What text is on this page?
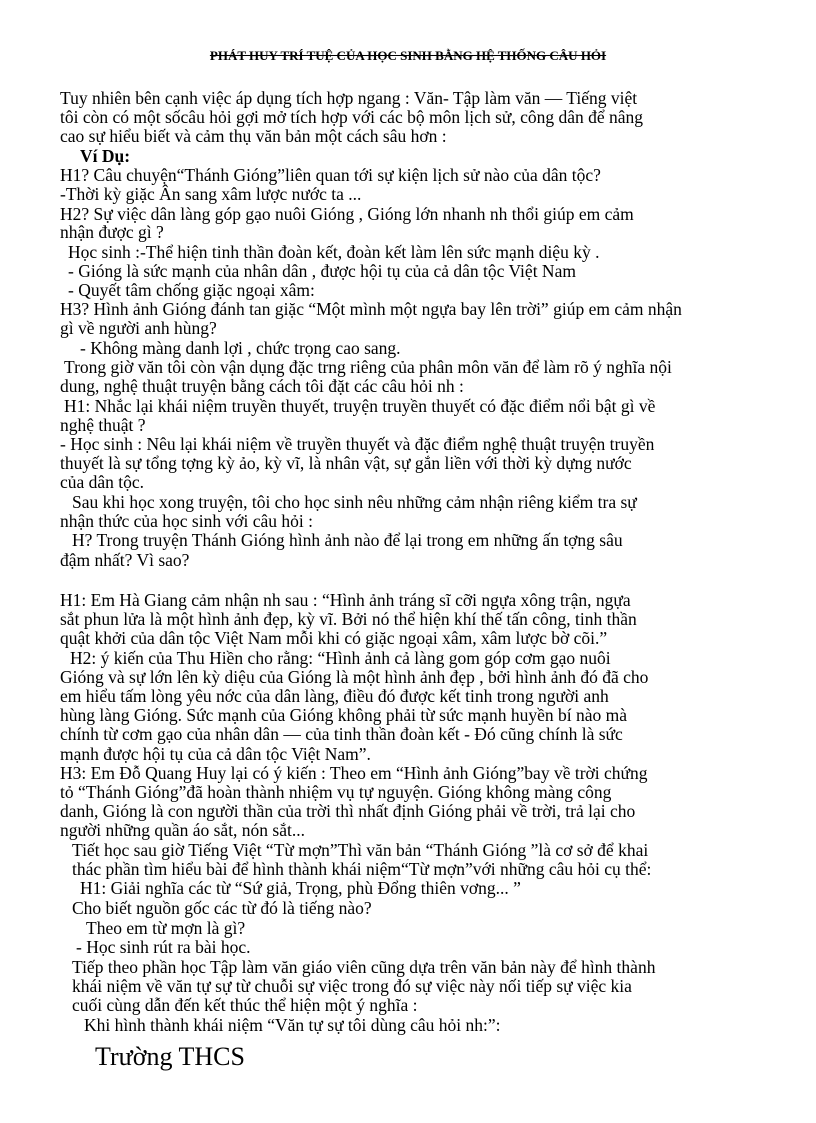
PHÁT HUY TRÍ TUỆ CỦA HỌC SINH BẰNG HỆ THỐNG CÂU HỎI
Tuy nhiên bên cạnh việc áp dụng tích hợp ngang : Văn- Tập làm văn — Tiếng việt
tôi còn có một sốcâu hỏi gợi mở tích hợp với các bộ môn lịch sử, công dân để nâng
cao sự hiểu biết và cảm thụ văn bản một cách sâu hơn :
Ví Dụ:
H1? Câu chuyện“Thánh Gióng”liên quan tới sự kiện lịch sử nào của dân tộc?
-Thời kỳ giặc Ân sang xâm lược nước ta ...
H2? Sự việc dân làng góp gạo nuôi Gióng , Gióng lớn nhanh nh thổi giúp em cảm
nhận được gì ?
Học sinh :-Thể hiện tinh thần đoàn kết, đoàn kết làm lên sức mạnh diệu kỳ .
- Gióng là sức mạnh của nhân dân , được hội tụ của cả dân tộc Việt Nam
- Quyết tâm chống giặc ngoại xâm:
H3? Hình ảnh Gióng đánh tan giặc “Một mình một ngựa bay lên trời” giúp em cảm nhận
gì về người anh hùng?
- Không màng danh lợi , chức trọng cao sang.
Trong giờ văn tôi còn vận dụng đặc trng riêng của phân môn văn để làm rõ ý nghĩa nội
dung, nghệ thuật truyện bằng cách tôi đặt các câu hỏi nh :
H1: Nhắc lại khái niệm truyền thuyết, truyện truyền thuyết có đặc điểm nổi bật gì về
nghệ thuật ?
- Học sinh : Nêu lại khái niệm về truyền thuyết và đặc điểm nghệ thuật truyện truyền
thuyết là sự tổng tợng kỳ ảo, kỳ vĩ, là nhân vật, sự gắn liền với thời kỳ dựng nước
của dân tộc.
Sau khi học xong truyện, tôi cho học sinh nêu những cảm nhận riêng kiểm tra sự
nhận thức của học sinh với câu hỏi :
H? Trong truyện Thánh Gióng hình ảnh nào để lại trong em những ấn tợng sâu
đậm nhất? Vì sao?
H1: Em Hà Giang cảm nhận nh sau : “Hình ảnh tráng sĩ cỡi ngựa xông trận, ngựa
sắt phun lửa là một hình ảnh đẹp, kỳ vĩ. Bởi nó thể hiện khí thế tấn công, tinh thần
quật khởi của dân tộc Việt Nam mỗi khi có giặc ngoại xâm, xâm lược bờ cõi.”
H2: ý kiến của Thu Hiền cho rằng: “Hình ảnh cả làng gom góp cơm gạo nuôi
Gióng và sự lớn lên kỳ diệu của Gióng là một hình ảnh đẹp , bởi hình ảnh đó đã cho
em hiểu tấm lòng yêu nớc của dân làng, điều đó được kết tinh trong người anh
hùng làng Gióng. Sức mạnh của Gióng không phải từ sức mạnh huyền bí nào mà
chính từ cơm gạo của nhân dân — của tinh thần đoàn kết - Đó cũng chính là sức
mạnh được hội tụ của cả dân tộc Việt Nam”.
H3: Em Đỗ Quang Huy lại có ý kiến : Theo em “Hình ảnh Gióng”bay về trời chứng
tỏ “Thánh Gióng”đã hoàn thành nhiệm vụ tự nguyện. Gióng không màng công
danh, Gióng là con người thần của trời thì nhất định Gióng phải về trời, trả lại cho
người những quần áo sắt, nón sắt...
Tiết học sau giờ Tiếng Việt “Từ mợn”Thì văn bản “Thánh Gióng ”là cơ sở để khai
thác phần tìm hiểu bài để hình thành khái niệm“Từ mợn”với những câu hỏi cụ thể:
H1: Giải nghĩa các từ “Sứ giả, Trọng, phù Đổng thiên vơng... ”
Cho biết nguồn gốc các từ đó là tiếng nào?
Theo em từ mợn là gì?
- Học sinh rút ra bài học.
Tiếp theo phần học Tập làm văn giáo viên cũng dựa trên văn bản này để hình thành
khái niệm về văn tự sự từ chuỗi sự việc trong đó sự việc này nối tiếp sự việc kia
cuối cùng dẫn đến kết thúc thể hiện một ý nghĩa :
Khi hình thành khái niệm “Văn tự sự tôi dùng câu hỏi nh:”:
Trường THCS
